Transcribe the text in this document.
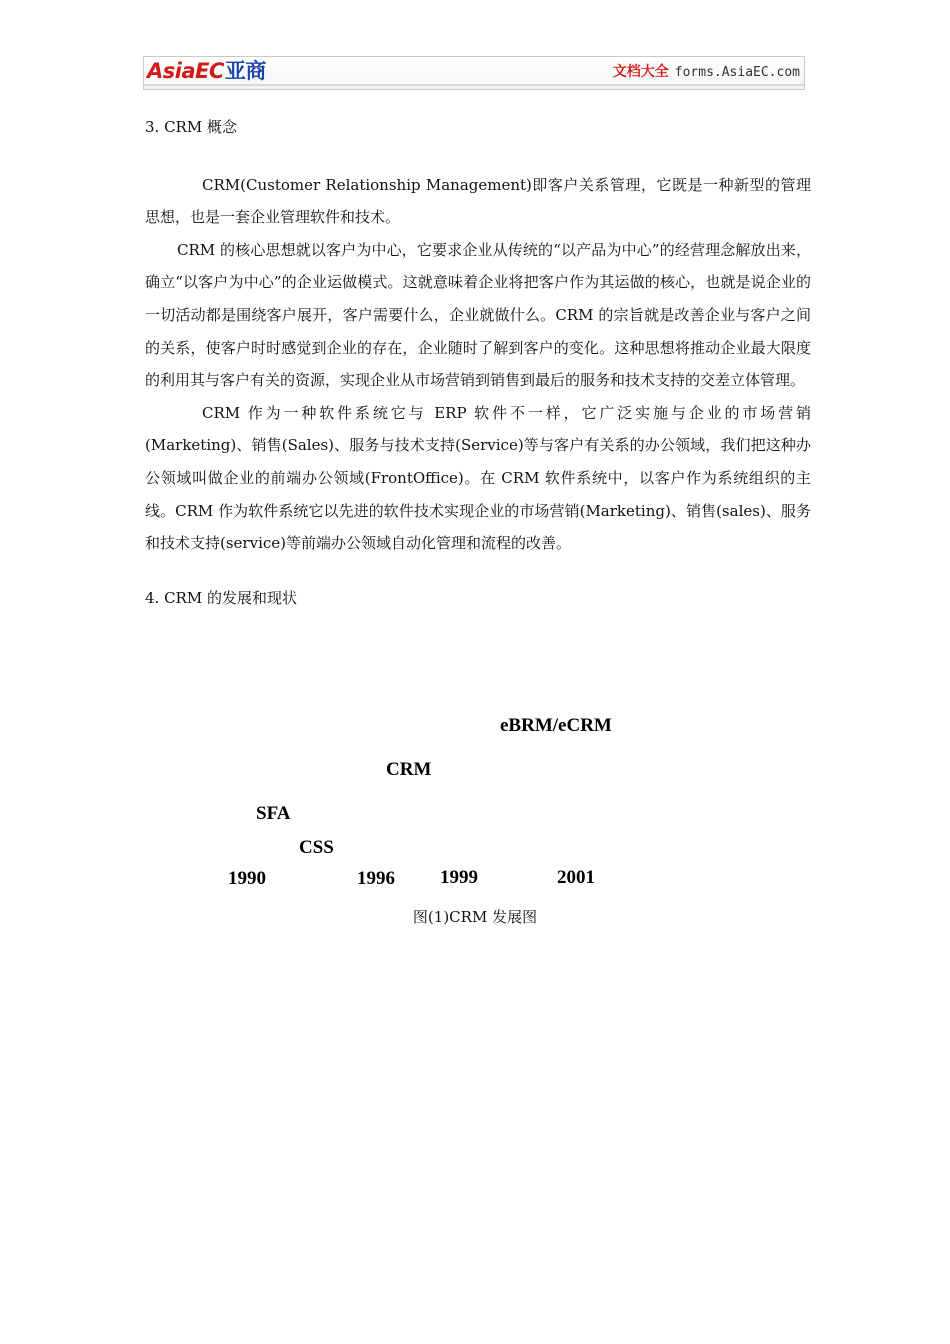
AsiaEC亚商	文档大全 forms.AsiaEC.com
3. CRM 概念

CRM(Customer Relationship Management)即客户关系管理，它既是一种新型的管理思想，也是一套企业管理软件和技术。

CRM 的核心思想就以客户为中心，它要求企业从传统的“以产品为中心”的经营理念解放出来，确立“以客户为中心”的企业运做模式。这就意味着企业将把客户作为其运做的核心，也就是说企业的一切活动都是围绕客户展开，客户需要什么，企业就做什么。CRM 的宗旨就是改善企业与客户之间的关系，使客户时时感觉到企业的存在，企业随时了解到客户的变化。这种思想将推动企业最大限度的利用其与客户有关的资源，实现企业从市场营销到销售到最后的服务和技术支持的交差立体管理。

CRM 作为一种软件系统它与 ERP 软件不一样，它广泛实施与企业的市场营销(Marketing)、销售(Sales)、服务与技术支持(Service)等与客户有关系的办公领域，我们把这种办公领域叫做企业的前端办公领域(FrontOffice)。在 CRM 软件系统中，以客户作为系统组织的主线。CRM 作为软件系统它以先进的软件技术实现企业的市场营销(Marketing)、销售(sales)、服务和技术支持(service)等前端办公领域自动化管理和流程的改善。

4. CRM 的发展和现状
eBRM/eCRM
CRM
SFA
CSS
1990	1996 1999	2001
图(1)CRM 发展图
